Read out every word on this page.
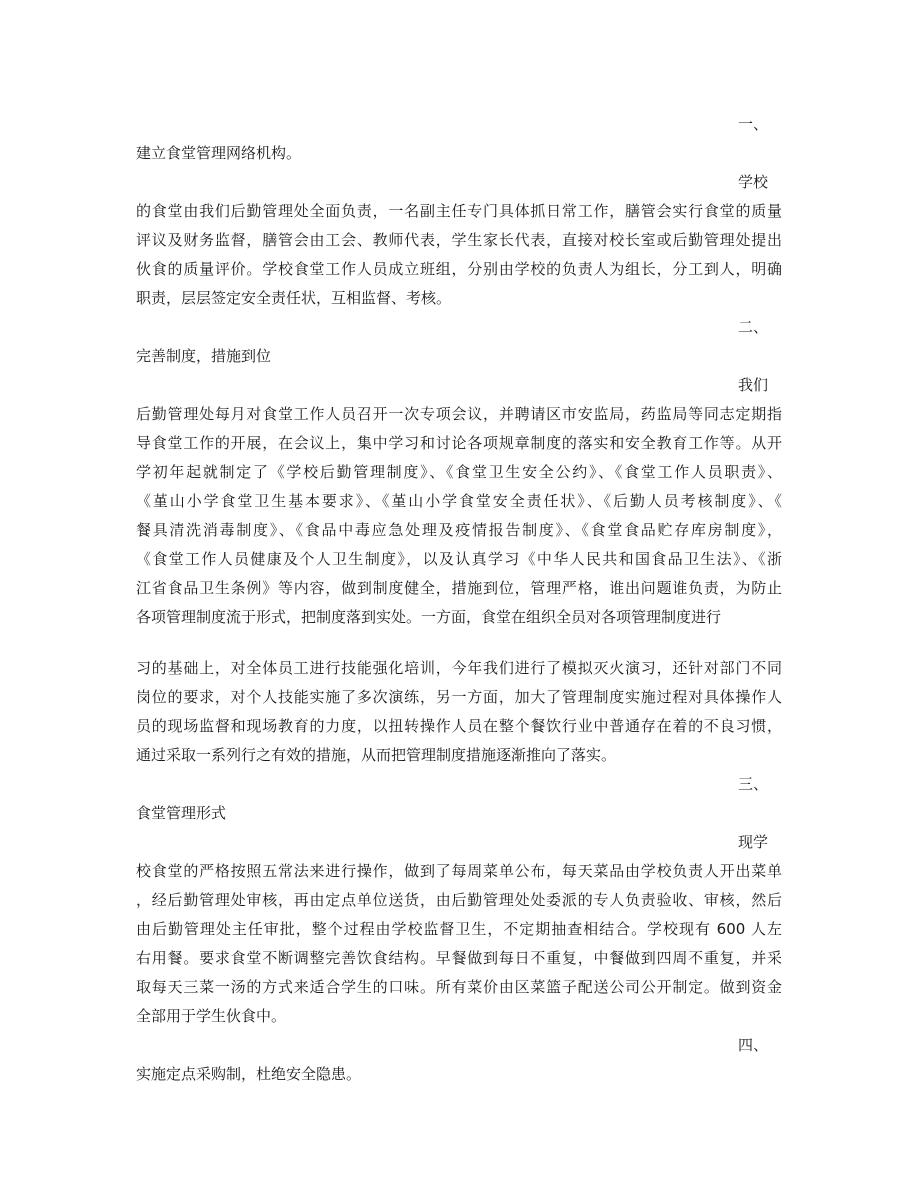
一、
建立食堂管理网络机构。
学校
的食堂由我们后勤管理处全面负责，一名副主任专门具体抓日常工作，膳管会实行食堂的质量
评议及财务监督，膳管会由工会、教师代表，学生家长代表，直接对校长室或后勤管理处提出
伙食的质量评价。学校食堂工作人员成立班组，分别由学校的负责人为组长，分工到人，明确
职责，层层签定安全责任状，互相监督、考核。
二、
完善制度，措施到位
我们
后勤管理处每月对食堂工作人员召开一次专项会议，并聘请区市安监局，药监局等同志定期指
导食堂工作的开展，在会议上，集中学习和讨论各项规章制度的落实和安全教育工作等。从开
学初年起就制定了《学校后勤管理制度》、《食堂卫生安全公约》、《食堂工作人员职责》、
《堇山小学食堂卫生基本要求》、《堇山小学食堂安全责任状》、《后勤人员考核制度》、《
餐具清洗消毒制度》、《食品中毒应急处理及疫情报告制度》、《食堂食品贮存库房制度》，
《食堂工作人员健康及个人卫生制度》，以及认真学习《中华人民共和国食品卫生法》、《浙
江省食品卫生条例》等内容，做到制度健全，措施到位，管理严格，谁出问题谁负责，为防止
各项管理制度流于形式，把制度落到实处。一方面，食堂在组织全员对各项管理制度进行
习的基础上，对全体员工进行技能强化培训，今年我们进行了模拟灭火演习，还针对部门不同
岗位的要求，对个人技能实施了多次演练，另一方面，加大了管理制度实施过程对具体操作人
员的现场监督和现场教育的力度，以扭转操作人员在整个餐饮行业中普通存在着的不良习惯，
通过采取一系列行之有效的措施，从而把管理制度措施逐渐推向了落实。
三、
食堂管理形式
现学
校食堂的严格按照五常法来进行操作，做到了每周菜单公布，每天菜品由学校负责人开出菜单
，经后勤管理处审核，再由定点单位送货，由后勤管理处处委派的专人负责验收、审核，然后
由后勤管理处主任审批，整个过程由学校监督卫生，不定期抽查相结合。学校现有 600 人左
右用餐。要求食堂不断调整完善饮食结构。早餐做到每日不重复，中餐做到四周不重复，并采
取每天三菜一汤的方式来适合学生的口味。所有菜价由区菜篮子配送公司公开制定。做到资金
全部用于学生伙食中。
四、
实施定点采购制，杜绝安全隐患。
